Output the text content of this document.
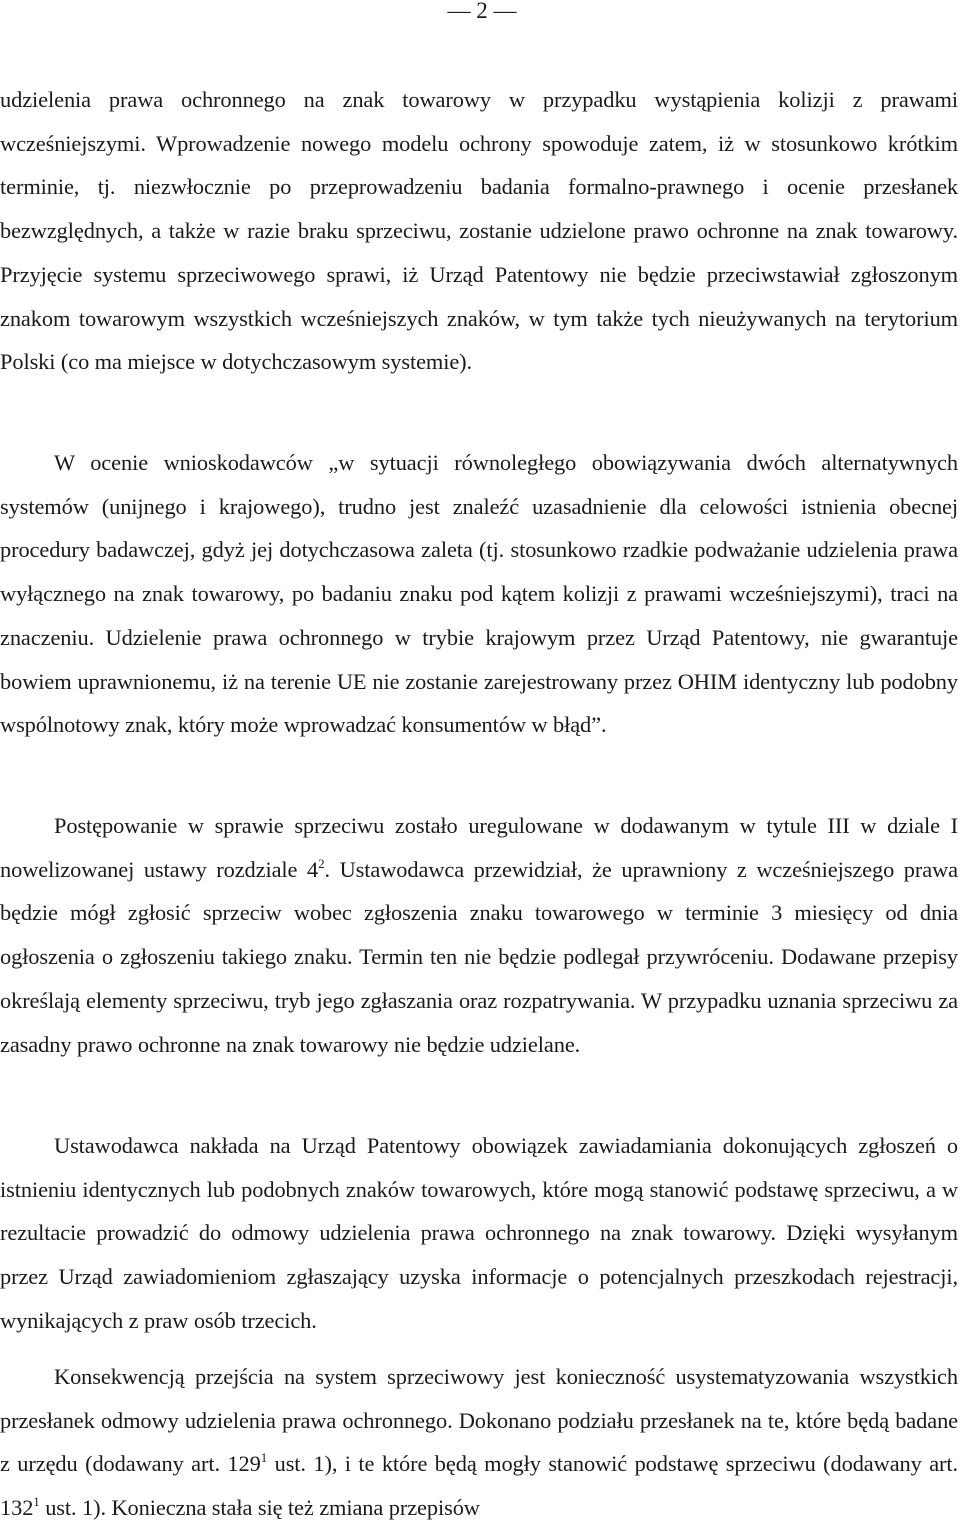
— 2 —

udzielenia prawa ochronnego na znak towarowy w przypadku wystąpienia kolizji z prawami wcześniejszymi. Wprowadzenie nowego modelu ochrony spowoduje zatem, iż w stosunkowo krótkim terminie, tj. niezwłocznie po przeprowadzeniu badania formalno-prawnego i ocenie przesłanek bezwzględnych, a także w razie braku sprzeciwu, zostanie udzielone prawo ochronne na znak towarowy. Przyjęcie systemu sprzeciwowego sprawi, iż Urząd Patentowy nie będzie przeciwstawiał zgłoszonym znakom towarowym wszystkich wcześniejszych znaków, w tym także tych nieużywanych na terytorium Polski (co ma miejsce w dotychczasowym systemie).

W ocenie wnioskodawców „w sytuacji równoległego obowiązywania dwóch alternatywnych systemów (unijnego i krajowego), trudno jest znaleźć uzasadnienie dla celowości istnienia obecnej procedury badawczej, gdyż jej dotychczasowa zaleta (tj. stosunkowo rzadkie podważanie udzielenia prawa wyłącznego na znak towarowy, po badaniu znaku pod kątem kolizji z prawami wcześniejszymi), traci na znaczeniu. Udzielenie prawa ochronnego w trybie krajowym przez Urząd Patentowy, nie gwarantuje bowiem uprawnionemu, iż na terenie UE nie zostanie zarejestrowany przez OHIM identyczny lub podobny wspólnotowy znak, który może wprowadzać konsumentów w błąd”.

Postępowanie w sprawie sprzeciwu zostało uregulowane w dodawanym w tytule III w dziale I nowelizowanej ustawy rozdziale $4^2$. Ustawodawca przewidział, że uprawniony z wcześniejszego prawa będzie mógł zgłosić sprzeciw wobec zgłoszenia znaku towarowego w terminie 3 miesięcy od dnia ogłoszenia o zgłoszeniu takiego znaku. Termin ten nie będzie podlegał przywróceniu. Dodawane przepisy określają elementy sprzeciwu, tryb jego zgłaszania oraz rozpatrywania. W przypadku uznania sprzeciwu za zasadny prawo ochronne na znak towarowy nie będzie udzielane.

Ustawodawca nakłada na Urząd Patentowy obowiązek zawiadamiania dokonujących zgłoszeń o istnieniu identycznych lub podobnych znaków towarowych, które mogą stanowić podstawę sprzeciwu, a w rezultacie prowadzić do odmowy udzielenia prawa ochronnego na znak towarowy. Dzięki wysyłanym przez Urząd zawiadomieniom zgłaszający uzyska informacje o potencjalnych przeszkodach rejestracji, wynikających z praw osób trzecich.

Konsekwencją przejścia na system sprzeciwowy jest konieczność usystematyzowania wszystkich przesłanek odmowy udzielenia prawa ochronnego. Dokonano podziału przesłanek na te, które będą badane z urzędu (dodawany art. $129^1$ ust. 1), i te które będą mogły stanowić podstawę sprzeciwu (dodawany art. $132^1$ ust. 1). Konieczna stała się też zmiana przepisów
